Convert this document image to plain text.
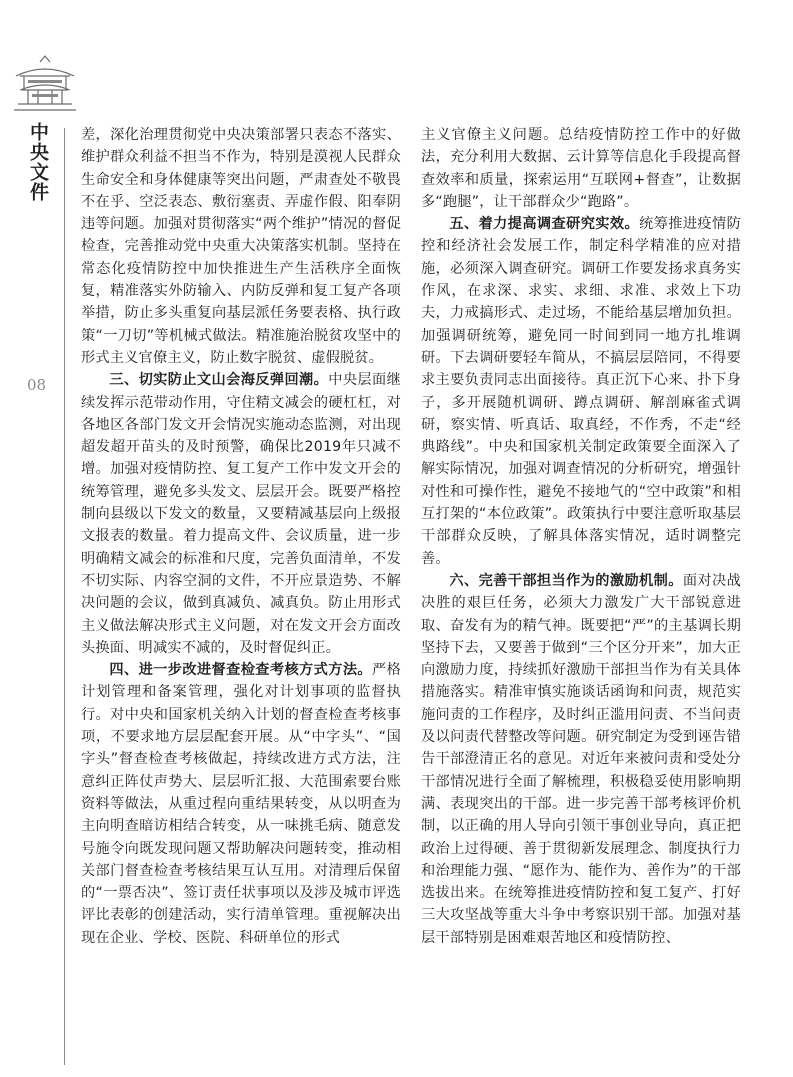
中央文件
08

差，深化治理贯彻党中央决策部署只表态不落实、维护群众利益不担当不作为，特别是漠视人民群众生命安全和身体健康等突出问题，严肃查处不敬畏不在乎、空泛表态、敷衍塞责、弄虚作假、阳奉阴违等问题。加强对贯彻落实“两个维护”情况的督促检查，完善推动党中央重大决策落实机制。坚持在常态化疫情防控中加快推进生产生活秩序全面恢复，精准落实外防输入、内防反弹和复工复产各项举措，防止多头重复向基层派任务要表格、执行政策“一刀切”等机械式做法。精准施治脱贫攻坚中的形式主义官僚主义，防止数字脱贫、虚假脱贫。

三、切实防止文山会海反弹回潮。中央层面继续发挥示范带动作用，守住精文减会的硬杠杠，对各地区各部门发文开会情况实施动态监测，对出现超发超开苗头的及时预警，确保比2019年只减不增。加强对疫情防控、复工复产工作中发文开会的统筹管理，避免多头发文、层层开会。既要严格控制向县级以下发文的数量，又要精减基层向上级报文报表的数量。着力提高文件、会议质量，进一步明确精文减会的标准和尺度，完善负面清单，不发不切实际、内容空洞的文件，不开应景造势、不解决问题的会议，做到真减负、减真负。防止用形式主义做法解决形式主义问题，对在发文开会方面改头换面、明减实不减的，及时督促纠正。

四、进一步改进督查检查考核方式方法。严格计划管理和备案管理，强化对计划事项的监督执行。对中央和国家机关纳入计划的督查检查考核事项，不要求地方层层配套开展。从“中字头”、“国字头”督查检查考核做起，持续改进方式方法，注意纠正阵仗声势大、层层听汇报、大范围索要台账资料等做法，从重过程向重结果转变，从以明查为主向明查暗访相结合转变，从一味挑毛病、随意发号施令向既发现问题又帮助解决问题转变，推动相关部门督查检查考核结果互认互用。对清理后保留的“一票否决”、签订责任状事项以及涉及城市评选评比表彰的创建活动，实行清单管理。重视解决出现在企业、学校、医院、科研单位的形式

主义官僚主义问题。总结疫情防控工作中的好做法，充分利用大数据、云计算等信息化手段提高督查效率和质量，探索运用“互联网+督查”，让数据多“跑腿”，让干部群众少“跑路”。

五、着力提高调查研究实效。统筹推进疫情防控和经济社会发展工作，制定科学精准的应对措施，必须深入调查研究。调研工作要发扬求真务实作风，在求深、求实、求细、求准、求效上下功夫，力戒搞形式、走过场，不能给基层增加负担。加强调研统筹，避免同一时间到同一地方扎堆调研。下去调研要轻车简从，不搞层层陪同，不得要求主要负责同志出面接待。真正沉下心来、扑下身子，多开展随机调研、蹲点调研、解剖麻雀式调研，察实情、听真话、取真经，不作秀，不走“经典路线”。中央和国家机关制定政策要全面深入了解实际情况，加强对调查情况的分析研究，增强针对性和可操作性，避免不接地气的“空中政策”和相互打架的“本位政策”。政策执行中要注意听取基层干部群众反映，了解具体落实情况，适时调整完善。

六、完善干部担当作为的激励机制。面对决战决胜的艰巨任务，必须大力激发广大干部锐意进取、奋发有为的精气神。既要把“严”的主基调长期坚持下去，又要善于做到“三个区分开来”，加大正向激励力度，持续抓好激励干部担当作为有关具体措施落实。精准审慎实施谈话函询和问责，规范实施问责的工作程序，及时纠正滥用问责、不当问责及以问责代替整改等问题。研究制定为受到诬告错告干部澄清正名的意见。对近年来被问责和受处分干部情况进行全面了解梳理，积极稳妥使用影响期满、表现突出的干部。进一步完善干部考核评价机制，以正确的用人导向引领干事创业导向，真正把政治上过得硬、善于贯彻新发展理念、制度执行力和治理能力强、“愿作为、能作为、善作为”的干部选拔出来。在统筹推进疫情防控和复工复产、打好三大攻坚战等重大斗争中考察识别干部。加强对基层干部特别是困难艰苦地区和疫情防控、
